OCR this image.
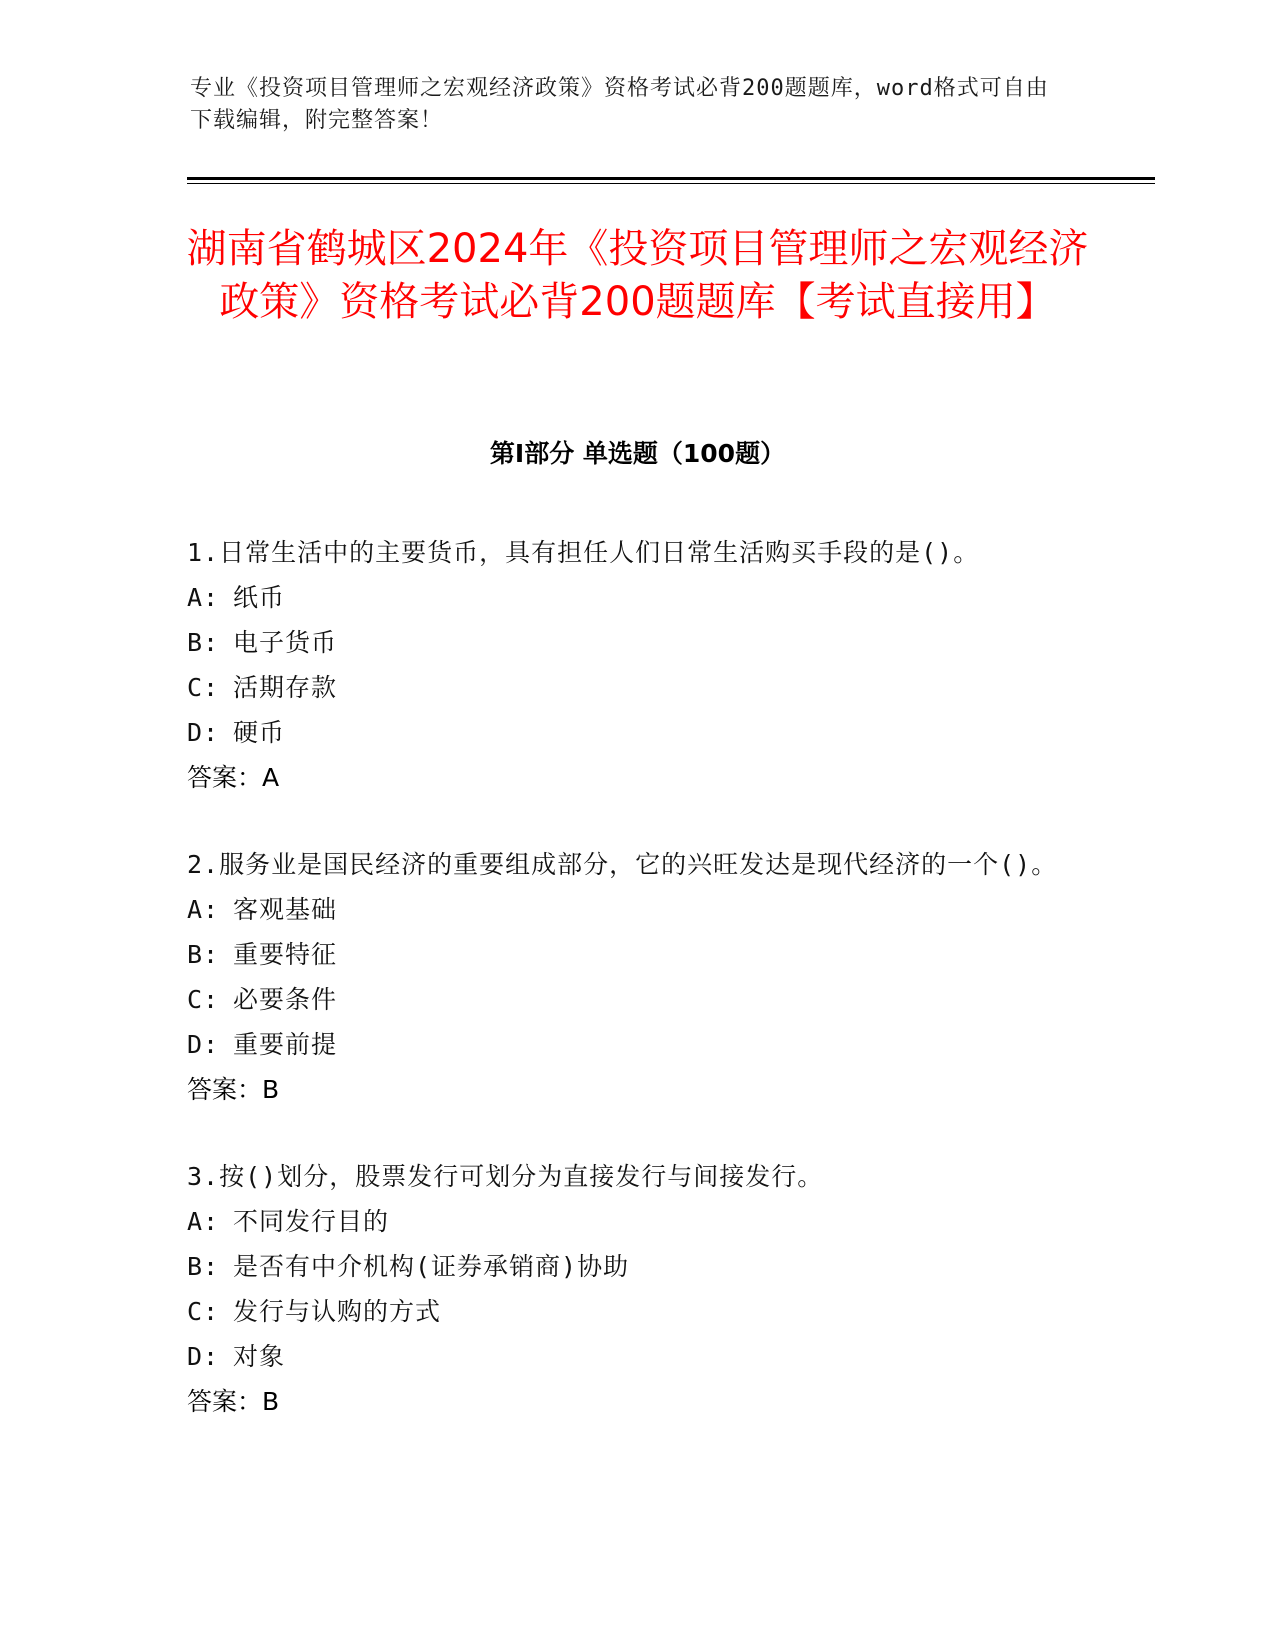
专业《投资项目管理师之宏观经济政策》资格考试必背200题题库，word格式可自由下载编辑，附完整答案！
湖南省鹤城区2024年《投资项目管理师之宏观经济政策》资格考试必背200题题库【考试直接用】
第I部分 单选题（100题）

1.日常生活中的主要货币，具有担任人们日常生活购买手段的是()。

A: 纸币

B: 电子货币

C: 活期存款

D: 硬币

答案：A

2.服务业是国民经济的重要组成部分，它的兴旺发达是现代经济的一个()。

A: 客观基础

B: 重要特征

C: 必要条件

D: 重要前提

答案：B

3.按()划分，股票发行可划分为直接发行与间接发行。

A: 不同发行目的

B: 是否有中介机构(证券承销商)协助

C: 发行与认购的方式

D: 对象

答案：B
